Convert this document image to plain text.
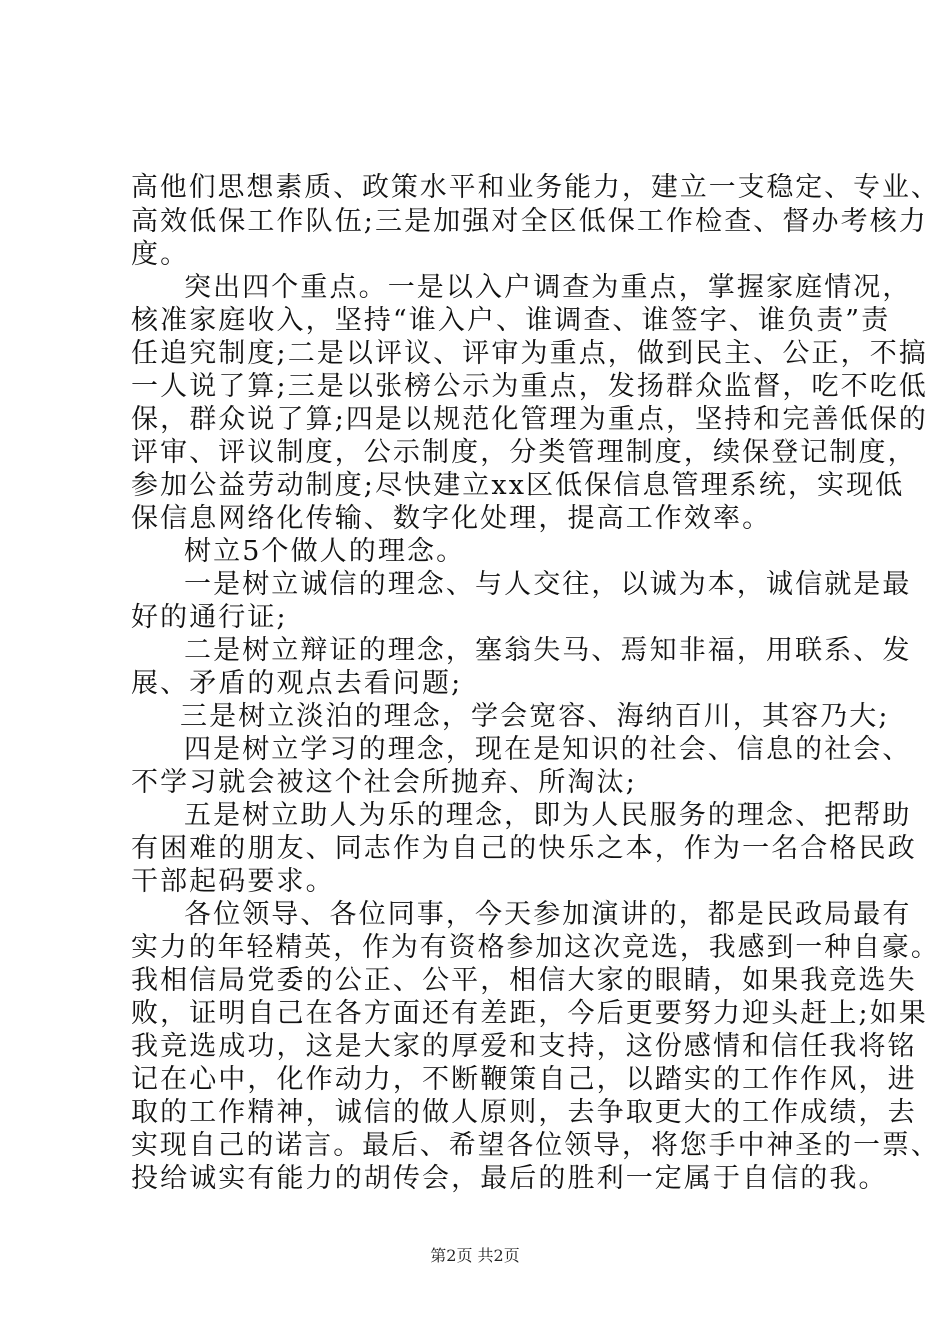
高他们思想素质、政策水平和业务能力，建立一支稳定、专业、
高效低保工作队伍;三是加强对全区低保工作检查、督办考核力
度。
突出四个重点。一是以入户调查为重点，掌握家庭情况，
核准家庭收入，坚持“谁入户、谁调查、谁签字、谁负责”责
任追究制度;二是以评议、评审为重点，做到民主、公正，不搞
一人说了算;三是以张榜公示为重点，发扬群众监督，吃不吃低
保，群众说了算;四是以规范化管理为重点，坚持和完善低保的
评审、评议制度，公示制度，分类管理制度，续保登记制度，
参加公益劳动制度;尽快建立xx区低保信息管理系统，实现低
保信息网络化传输、数字化处理，提高工作效率。
树立5个做人的理念。
一是树立诚信的理念、与人交往，以诚为本，诚信就是最
好的通行证;
二是树立辩证的理念，塞翁失马、焉知非福，用联系、发
展、矛盾的观点去看问题;
三是树立淡泊的理念，学会宽容、海纳百川，其容乃大;
四是树立学习的理念，现在是知识的社会、信息的社会、
不学习就会被这个社会所抛弃、所淘汰;
五是树立助人为乐的理念，即为人民服务的理念、把帮助
有困难的朋友、同志作为自己的快乐之本，作为一名合格民政
干部起码要求。
各位领导、各位同事，今天参加演讲的，都是民政局最有
实力的年轻精英，作为有资格参加这次竞选，我感到一种自豪。
我相信局党委的公正、公平，相信大家的眼睛，如果我竞选失
败，证明自己在各方面还有差距，今后更要努力迎头赶上;如果
我竞选成功，这是大家的厚爱和支持，这份感情和信任我将铭
记在心中，化作动力，不断鞭策自己，以踏实的工作作风，进
取的工作精神，诚信的做人原则，去争取更大的工作成绩，去
实现自己的诺言。最后、希望各位领导，将您手中神圣的一票、
投给诚实有能力的胡传会，最后的胜利一定属于自信的我。
第2页 共2页
